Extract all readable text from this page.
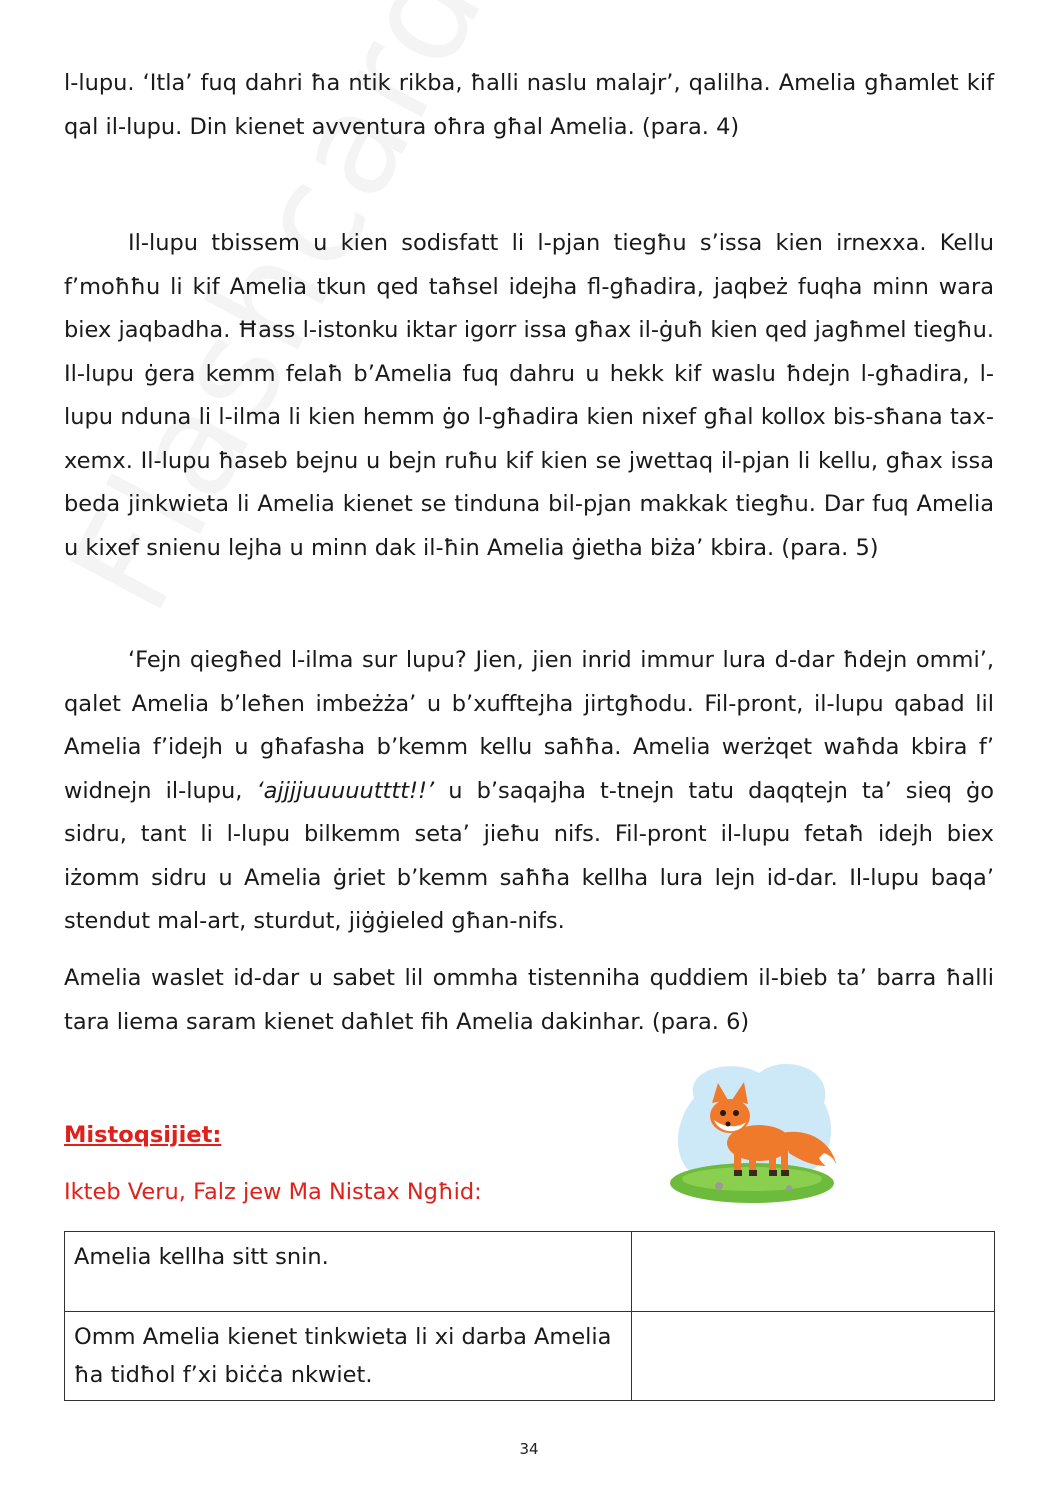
l-lupu. ‘Itla’ fuq dahri ħa ntik rikba, ħalli naslu malajr’, qalilha. Amelia għamlet kif qal il-lupu. Din kienet avventura oħra għal Amelia. (para. 4)

Il-lupu tbissem u kien sodisfatt li l-pjan tiegħu s’issa kien irnexxa. Kellu f’moħħu li kif Amelia tkun qed taħsel idejha fl-għadira, jaqbeż fuqha minn wara biex jaqbadha. Ħass l-istonku iktar igorr issa għax il-ġuħ kien qed jagħmel tiegħu. Il-lupu ġera kemm felaħ b’Amelia fuq dahru u hekk kif waslu ħdejn l-għadira, l-lupu nduna li l-ilma li kien hemm ġo l-għadira kien nixef għal kollox bis-sħana tax-xemx. Il-lupu ħaseb bejnu u bejn ruħu kif kien se jwettaq il-pjan li kellu, għax issa beda jinkwieta li Amelia kienet se tinduna bil-pjan makkak tiegħu. Dar fuq Amelia u kixef snienu lejha u minn dak il-ħin Amelia ġietha biża’ kbira. (para. 5)

‘Fejn qiegħed l-ilma sur lupu? Jien, jien inrid immur lura d-dar ħdejn ommi’, qalet Amelia b’leħen imbeżża’ u b’xufftejha jirtgħodu. Fil-pront, il-lupu qabad lil Amelia f’idejh u għafasha b’kemm kellu saħħa. Amelia werżqet waħda kbira f’ widnejn il-lupu, ‘ajjjjuuuuutttt!!’ u b’saqajha t-tnejn tatu daqqtejn ta’ sieq ġo sidru, tant li l-lupu bilkemm seta’ jieħu nifs. Fil-pront il-lupu fetaħ idejh biex iżomm sidru u Amelia ġriet b’kemm saħħa kellha lura lejn id-dar. Il-lupu baqa’ stendut mal-art, sturdut, jiġġieled għan-nifs.

Amelia waslet id-dar u sabet lil ommha tistenniha quddiem il-bieb ta’ barra ħalli tara liema saram kienet daħlet fih Amelia dakinhar. (para. 6)

Mistoqsijiet:

Ikteb Veru, Falz jew Ma Nistax Ngħid:

Amelia kellha sitt snin.	
Omm Amelia kienet tinkwieta li xi darba Amelia ħa tidħol f’xi biċċa nkwiet.	
34
